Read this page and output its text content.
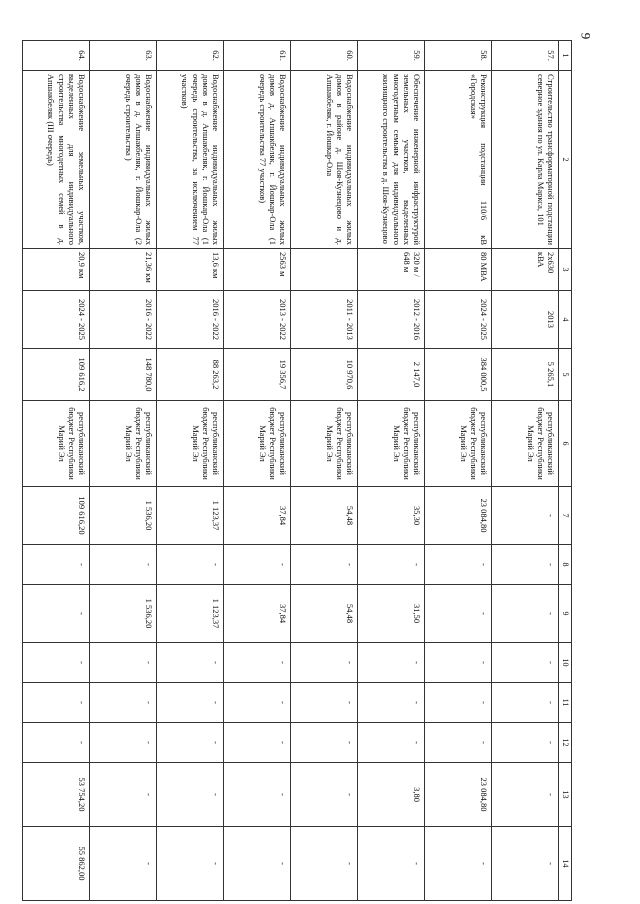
9
1	2	3	4	5	6	7	8	9	10	11	12	13	14
57.	Строительство трансформаторной подстанции северное здания по ул. Карла Маркса, 101	2х630 кВА	2013	5 265,1	республиканский бюджет Республики Марий Эл	-	-	-	-	-	-	-	-
58.	Реконструкция подстанции 110/6 кВ «Городская»	80 МВА	2024 - 2025	384 000,5	республиканский бюджет Республики Марий Эл	23 084,80	-	-	-	-	-	23 084,80	-
59.	Обеспечение инженерной инфраструктурой земельных участков, выделенных многодетным семьям для индивидуального жилищного строительства в д. Шоя-Кузнецово	320 м / 648 м	2012 - 2016	2 147,0	республиканский бюджет Республики Марий Эл	35,30	-	31,50	-	-	-	3,80	-
60.	Водоснабжение индивидуальных жилых домов в районе д. Шоя-Кузнецово и д. Апшакбеляк, г. Йошкар-Ола		2011 - 2013	10 970,6	республиканский бюджет Республики Марий Эл	54,48	-	54,48	-	-	-	-	-
61.	Водоснабжение индивидуальных жилых домов д. Апшакбеляк, г. Йошкар-Ола (1 очередь строительства 77 участков)	2563 м	2013 - 2022	19 356,7	республиканский бюджет Республики Марий Эл	37,84	-	37,84	-	-	-	-	-
62.	Водоснабжение индивидуальных жилых домов в д. Апшакбеляк, г. Йошкар-Ола (1 очередь строительства, за исключением 77 участков)	13,6 км	2016 - 2022	88 263,2	республиканский бюджет Республики Марий Эл	1 123,37	-	1 123,37	-	-	-	-	-
63.	Водоснабжение индивидуальных жилых домов в д. Апшакбеляк, г. Йошкар-Ола (2 очередь строительства )	21,36 км	2016 - 2022	148 780,0	республиканский бюджет Республики Марий Эл	1 536,20	-	1 536,20	-	-	-	-	-
64.	Водоснабжение земельных участков, выделенных для индивидуального строительства многодетных семей в д. Апшакбеляк (III очередь)	20,9 км	2024 - 2025	109 616,2	республиканский бюджет Республики Марий Эл	109 616,20	-	-	-	-	-	53 754,20	55 862,00
